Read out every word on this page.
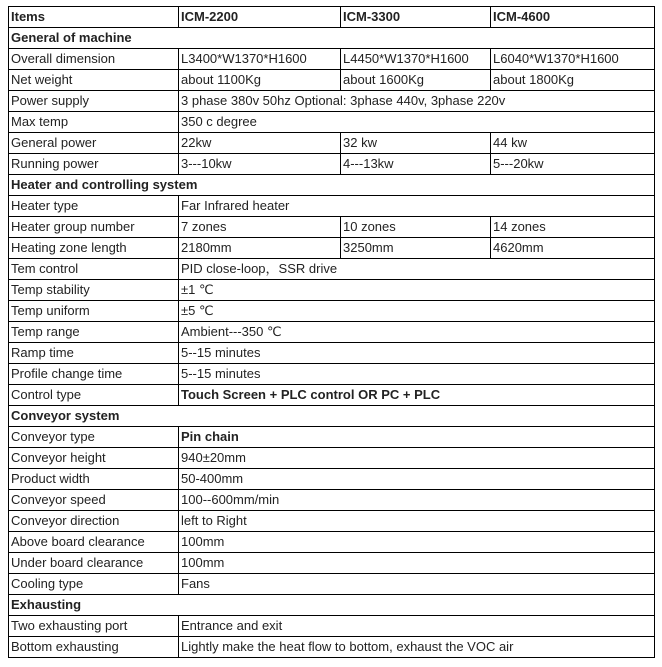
Items	ICM-2200	ICM-3300	ICM-4600
General of machine			
Overall dimension	L3400*W1370*H1600	L4450*W1370*H1600	L6040*W1370*H1600
Net weight	about 1100Kg	about 1600Kg	about 1800Kg
Power supply	3 phase 380v 50hz Optional: 3phase 440v, 3phase 220v		
Max temp	350 c degree		
General power	22kw	32 kw	44 kw
Running power	3---10kw	4---13kw	5---20kw
Heater and controlling system			
Heater type	Far Infrared heater		
Heater group number	7 zones	10 zones	14 zones
Heating zone length	2180mm	3250mm	4620mm
Tem control	PID close-loop，SSR drive		
Temp stability	±1 ℃		
Temp uniform	±5 ℃		
Temp range	Ambient---350 ℃		
Ramp time	5--15 minutes		
Profile change time	5--15 minutes		
Control type	Touch Screen + PLC control OR PC + PLC		
Conveyor system			
Conveyor type	Pin chain		
Conveyor height	940±20mm		
Product width	50-400mm		
Conveyor speed	100--600mm/min		
Conveyor direction	left to Right		
Above board clearance	100mm		
Under board clearance	100mm		
Cooling type	Fans		
Exhausting			
Two exhausting port	Entrance and exit		
Bottom exhausting	Lightly make the heat flow to bottom, exhaust the VOC air		
